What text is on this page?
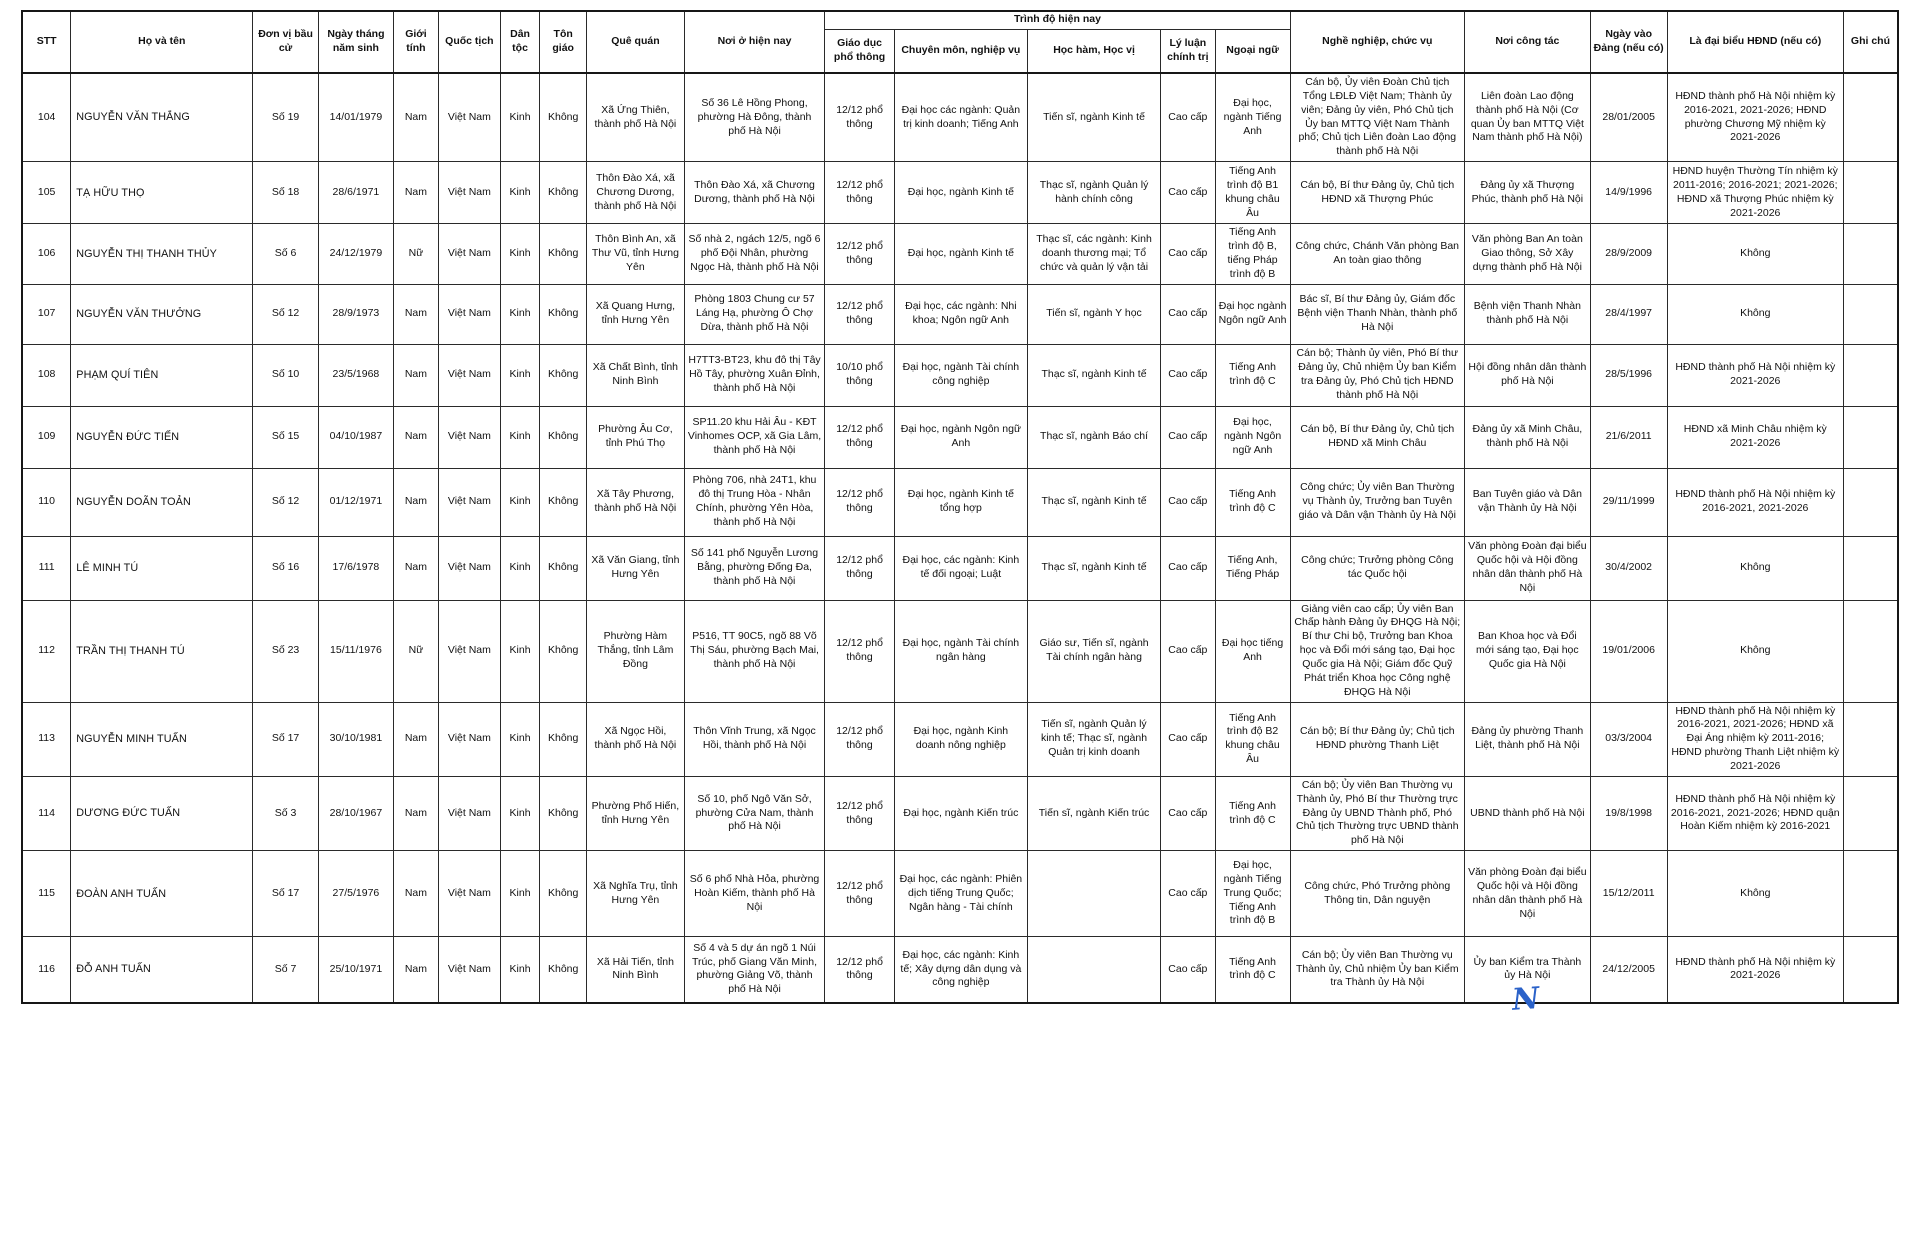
STT	Họ và tên	Đơn vị bầu cử	Ngày tháng năm sinh	Giới tính	Quốc tịch	Dân tộc	Tôn giáo	Quê quán	Nơi ở hiện nay	Trình độ hiện nay					Nghề nghiệp, chức vụ	Nơi công tác	Ngày vào Đảng (nếu có)	Là đại biểu HĐND (nếu có)	Ghi chú
										Giáo dục phổ thông	Chuyên môn, nghiệp vụ	Học hàm, Học vị	Lý luận chính trị	Ngoại ngữ					
104	NGUYỄN VĂN THẮNG	Số 19	14/01/1979	Nam	Việt Nam	Kinh	Không	Xã Ứng Thiên, thành phố Hà Nội	Số 36 Lê Hồng Phong, phường Hà Đông, thành phố Hà Nội	12/12 phổ thông	Đại học các ngành: Quản trị kinh doanh; Tiếng Anh	Tiến sĩ, ngành Kinh tế	Cao cấp	Đại học, ngành Tiếng Anh	Cán bộ, Ủy viên Đoàn Chủ tịch Tổng LĐLĐ Việt Nam; Thành ủy viên; Đảng ủy viên, Phó Chủ tịch Ủy ban MTTQ Việt Nam Thành phố; Chủ tịch Liên đoàn Lao động thành phố Hà Nội	Liên đoàn Lao động thành phố Hà Nội (Cơ quan Ủy ban MTTQ Việt Nam thành phố Hà Nội)	28/01/2005	HĐND thành phố Hà Nội nhiệm kỳ 2016-2021, 2021-2026; HĐND phường Chương Mỹ nhiệm kỳ 2021-2026	
105	TẠ HỮU THỌ	Số 18	28/6/1971	Nam	Việt Nam	Kinh	Không	Thôn Đào Xá, xã Chương Dương, thành phố Hà Nội	Thôn Đào Xá, xã Chương Dương, thành phố Hà Nội	12/12 phổ thông	Đại học, ngành Kinh tế	Thạc sĩ, ngành Quản lý hành chính công	Cao cấp	Tiếng Anh trình độ B1 khung châu Âu	Cán bộ, Bí thư Đảng ủy, Chủ tịch HĐND xã Thượng Phúc	Đảng ủy xã Thượng Phúc, thành phố Hà Nội	14/9/1996	HĐND huyện Thường Tín nhiệm kỳ 2011-2016; 2016-2021; 2021-2026; HĐND xã Thượng Phúc nhiệm kỳ 2021-2026	
106	NGUYỄN THỊ THANH THỦY	Số 6	24/12/1979	Nữ	Việt Nam	Kinh	Không	Thôn Bình An, xã Thư Vũ, tỉnh Hưng Yên	Số nhà 2, ngách 12/5, ngõ 6 phố Đội Nhân, phường Ngọc Hà, thành phố Hà Nội	12/12 phổ thông	Đại học, ngành Kinh tế	Thạc sĩ, các ngành: Kinh doanh thương mại; Tổ chức và quản lý vận tải	Cao cấp	Tiếng Anh trình độ B, tiếng Pháp trình độ B	Công chức, Chánh Văn phòng Ban An toàn giao thông	Văn phòng Ban An toàn Giao thông, Sở Xây dựng thành phố Hà Nội	28/9/2009	Không	
107	NGUYỄN VĂN THƯỞNG	Số 12	28/9/1973	Nam	Việt Nam	Kinh	Không	Xã Quang Hưng, tỉnh Hưng Yên	Phòng 1803 Chung cư 57 Láng Hạ, phường Ô Chợ Dừa, thành phố Hà Nội	12/12 phổ thông	Đại học, các ngành: Nhi khoa; Ngôn ngữ Anh	Tiến sĩ, ngành Y học	Cao cấp	Đại học ngành Ngôn ngữ Anh	Bác sĩ, Bí thư Đảng ủy, Giám đốc Bệnh viện Thanh Nhàn, thành phố Hà Nội	Bệnh viện Thanh Nhàn thành phố Hà Nội	28/4/1997	Không	
108	PHẠM QUÍ TIÊN	Số 10	23/5/1968	Nam	Việt Nam	Kinh	Không	Xã Chất Bình, tỉnh Ninh Bình	H7TT3-BT23, khu đô thị Tây Hồ Tây, phường Xuân Đỉnh, thành phố Hà Nội	10/10 phổ thông	Đại học, ngành Tài chính công nghiệp	Thạc sĩ, ngành Kinh tế	Cao cấp	Tiếng Anh trình độ C	Cán bộ; Thành ủy viên, Phó Bí thư Đảng ủy, Chủ nhiệm Ủy ban Kiểm tra Đảng ủy, Phó Chủ tịch HĐND thành phố Hà Nội	Hội đồng nhân dân thành phố Hà Nội	28/5/1996	HĐND thành phố Hà Nội nhiệm kỳ 2021-2026	
109	NGUYỄN ĐỨC TIẾN	Số 15	04/10/1987	Nam	Việt Nam	Kinh	Không	Phường Âu Cơ, tỉnh Phú Thọ	SP11.20 khu Hải Âu - KĐT Vinhomes OCP, xã Gia Lâm, thành phố Hà Nội	12/12 phổ thông	Đại học, ngành Ngôn ngữ Anh	Thạc sĩ, ngành Báo chí	Cao cấp	Đại học, ngành Ngôn ngữ Anh	Cán bộ, Bí thư Đảng ủy, Chủ tịch HĐND xã Minh Châu	Đảng ủy xã Minh Châu, thành phố Hà Nội	21/6/2011	HĐND xã Minh Châu nhiệm kỳ 2021-2026	
110	NGUYỄN DOÃN TOẢN	Số 12	01/12/1971	Nam	Việt Nam	Kinh	Không	Xã Tây Phương, thành phố Hà Nội	Phòng 706, nhà 24T1, khu đô thị Trung Hòa - Nhân Chính, phường Yên Hòa, thành phố Hà Nội	12/12 phổ thông	Đại học, ngành Kinh tế tổng hợp	Thạc sĩ, ngành Kinh tế	Cao cấp	Tiếng Anh trình độ C	Công chức; Ủy viên Ban Thường vụ Thành ủy, Trưởng ban Tuyên giáo và Dân vận Thành ủy Hà Nội	Ban Tuyên giáo và Dân vận Thành ủy Hà Nội	29/11/1999	HĐND thành phố Hà Nội nhiệm kỳ 2016-2021, 2021-2026	
111	LÊ MINH TÚ	Số 16	17/6/1978	Nam	Việt Nam	Kinh	Không	Xã Văn Giang, tỉnh Hưng Yên	Số 141 phố Nguyễn Lương Bằng, phường Đống Đa, thành phố Hà Nội	12/12 phổ thông	Đại học, các ngành: Kinh tế đối ngoại; Luật	Thạc sĩ, ngành Kinh tế	Cao cấp	Tiếng Anh, Tiếng Pháp	Công chức; Trưởng phòng Công tác Quốc hội	Văn phòng Đoàn đại biểu Quốc hội và Hội đồng nhân dân thành phố Hà Nội	30/4/2002	Không	
112	TRẦN THỊ THANH TÚ	Số 23	15/11/1976	Nữ	Việt Nam	Kinh	Không	Phường Hàm Thắng, tỉnh Lâm Đồng	P516, TT 90C5, ngõ 88 Võ Thị Sáu, phường Bạch Mai, thành phố Hà Nội	12/12 phổ thông	Đại học, ngành Tài chính ngân hàng	Giáo sư, Tiến sĩ, ngành Tài chính ngân hàng	Cao cấp	Đại học tiếng Anh	Giảng viên cao cấp; Ủy viên Ban Chấp hành Đảng ủy ĐHQG Hà Nội; Bí thư Chi bộ, Trưởng ban Khoa học và Đổi mới sáng tạo, Đại học Quốc gia Hà Nội; Giám đốc Quỹ Phát triển Khoa học Công nghệ ĐHQG Hà Nội	Ban Khoa học và Đổi mới sáng tạo, Đại học Quốc gia Hà Nội	19/01/2006	Không	
113	NGUYỄN MINH TUẤN	Số 17	30/10/1981	Nam	Việt Nam	Kinh	Không	Xã Ngọc Hồi, thành phố Hà Nội	Thôn Vĩnh Trung, xã Ngọc Hồi, thành phố Hà Nội	12/12 phổ thông	Đại học, ngành Kinh doanh nông nghiệp	Tiến sĩ, ngành Quản lý kinh tế; Thạc sĩ, ngành Quản trị kinh doanh	Cao cấp	Tiếng Anh trình độ B2 khung châu Âu	Cán bộ; Bí thư Đảng ủy; Chủ tịch HĐND phường Thanh Liệt	Đảng ủy phường Thanh Liệt, thành phố Hà Nội	03/3/2004	HĐND thành phố Hà Nội nhiệm kỳ 2016-2021, 2021-2026; HĐND xã Đại Áng nhiệm kỳ 2011-2016; HĐND phường Thanh Liệt nhiệm kỳ 2021-2026	
114	DƯƠNG ĐỨC TUẤN	Số 3	28/10/1967	Nam	Việt Nam	Kinh	Không	Phường Phố Hiến, tỉnh Hưng Yên	Số 10, phố Ngô Văn Sở, phường Cửa Nam, thành phố Hà Nội	12/12 phổ thông	Đại học, ngành Kiến trúc	Tiến sĩ, ngành Kiến trúc	Cao cấp	Tiếng Anh trình độ C	Cán bộ; Ủy viên Ban Thường vụ Thành ủy, Phó Bí thư Thường trực Đảng ủy UBND Thành phố, Phó Chủ tịch Thường trực UBND thành phố Hà Nội	UBND thành phố Hà Nội	19/8/1998	HĐND thành phố Hà Nội nhiệm kỳ 2016-2021, 2021-2026; HĐND quận Hoàn Kiếm nhiệm kỳ 2016-2021	
115	ĐOÀN ANH TUẤN	Số 17	27/5/1976	Nam	Việt Nam	Kinh	Không	Xã Nghĩa Trụ, tỉnh Hưng Yên	Số 6 phố Nhà Hỏa, phường Hoàn Kiếm, thành phố Hà Nội	12/12 phổ thông	Đại học, các ngành: Phiên dịch tiếng Trung Quốc; Ngân hàng - Tài chính		Cao cấp	Đại học, ngành Tiếng Trung Quốc; Tiếng Anh trình độ B	Công chức, Phó Trưởng phòng Thông tin, Dân nguyện	Văn phòng Đoàn đại biểu Quốc hội và Hội đồng nhân dân thành phố Hà Nội	15/12/2011	Không	
116	ĐỖ ANH TUẤN	Số 7	25/10/1971	Nam	Việt Nam	Kinh	Không	Xã Hải Tiến, tỉnh Ninh Bình	Số 4 và 5 dự án ngõ 1 Núi Trúc, phố Giang Văn Minh, phường Giảng Võ, thành phố Hà Nội	12/12 phổ thông	Đại học, các ngành: Kinh tế; Xây dựng dân dụng và công nghiệp		Cao cấp	Tiếng Anh trình độ C	Cán bộ; Ủy viên Ban Thường vụ Thành ủy, Chủ nhiệm Ủy ban Kiểm tra Thành ủy Hà Nội	Ủy ban Kiểm tra Thành ủy Hà Nội	24/12/2005	HĐND thành phố Hà Nội nhiệm kỳ 2021-2026	
N
